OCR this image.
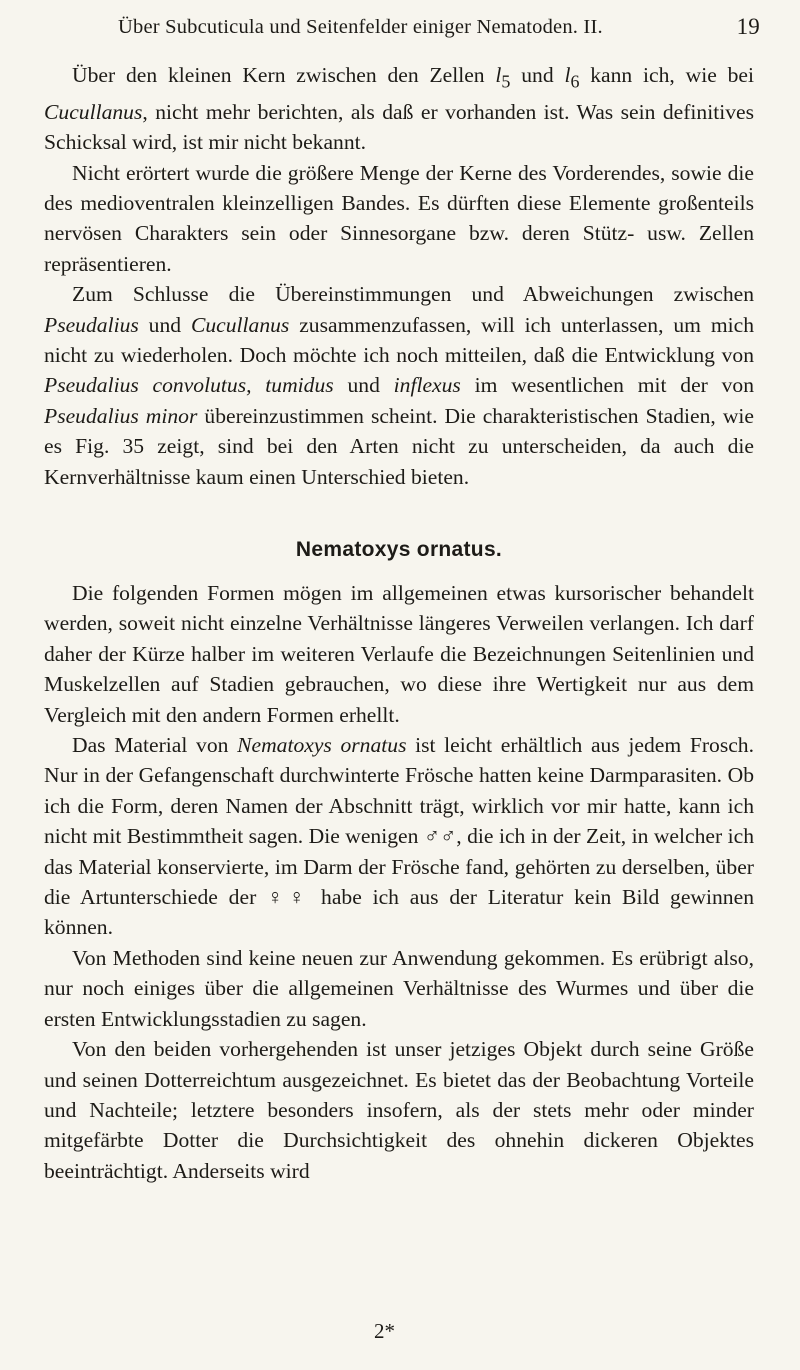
Über Subcuticula und Seitenfelder einiger Nematoden. II.	19

Über den kleinen Kern zwischen den Zellen $l_5$ und $l_6$ kann ich, wie bei Cucullanus, nicht mehr berichten, als daß er vorhanden ist. Was sein definitives Schicksal wird, ist mir nicht bekannt.

Nicht erörtert wurde die größere Menge der Kerne des Vorderendes, sowie die des medioventralen kleinzelligen Bandes. Es dürften diese Elemente großenteils nervösen Charakters sein oder Sinnesorgane bzw. deren Stütz- usw. Zellen repräsentieren.

Zum Schlusse die Übereinstimmungen und Abweichungen zwischen Pseudalius und Cucullanus zusammenzufassen, will ich unterlassen, um mich nicht zu wiederholen. Doch möchte ich noch mitteilen, daß die Entwicklung von Pseudalius convolutus, tumidus und inflexus im wesentlichen mit der von Pseudalius minor übereinzustimmen scheint. Die charakteristischen Stadien, wie es Fig. 35 zeigt, sind bei den Arten nicht zu unterscheiden, da auch die Kernverhältnisse kaum einen Unterschied bieten.

Nematoxys ornatus.

Die folgenden Formen mögen im allgemeinen etwas kursorischer behandelt werden, soweit nicht einzelne Verhältnisse längeres Verweilen verlangen. Ich darf daher der Kürze halber im weiteren Verlaufe die Bezeichnungen Seitenlinien und Muskelzellen auf Stadien gebrauchen, wo diese ihre Wertigkeit nur aus dem Vergleich mit den andern Formen erhellt.

Das Material von Nematoxys ornatus ist leicht erhältlich aus jedem Frosch. Nur in der Gefangenschaft durchwinterte Frösche hatten keine Darmparasiten. Ob ich die Form, deren Namen der Abschnitt trägt, wirklich vor mir hatte, kann ich nicht mit Bestimmtheit sagen. Die wenigen ♂♂, die ich in der Zeit, in welcher ich das Material konservierte, im Darm der Frösche fand, gehörten zu derselben, über die Artunterschiede der ♀♀ habe ich aus der Literatur kein Bild gewinnen können.

Von Methoden sind keine neuen zur Anwendung gekommen. Es erübrigt also, nur noch einiges über die allgemeinen Verhältnisse des Wurmes und über die ersten Entwicklungsstadien zu sagen.

Von den beiden vorhergehenden ist unser jetziges Objekt durch seine Größe und seinen Dotterreichtum ausgezeichnet. Es bietet das der Beobachtung Vorteile und Nachteile; letztere besonders insofern, als der stets mehr oder minder mitgefärbte Dotter die Durchsichtigkeit des ohnehin dickeren Objektes beeinträchtigt. Anderseits wird

2*
